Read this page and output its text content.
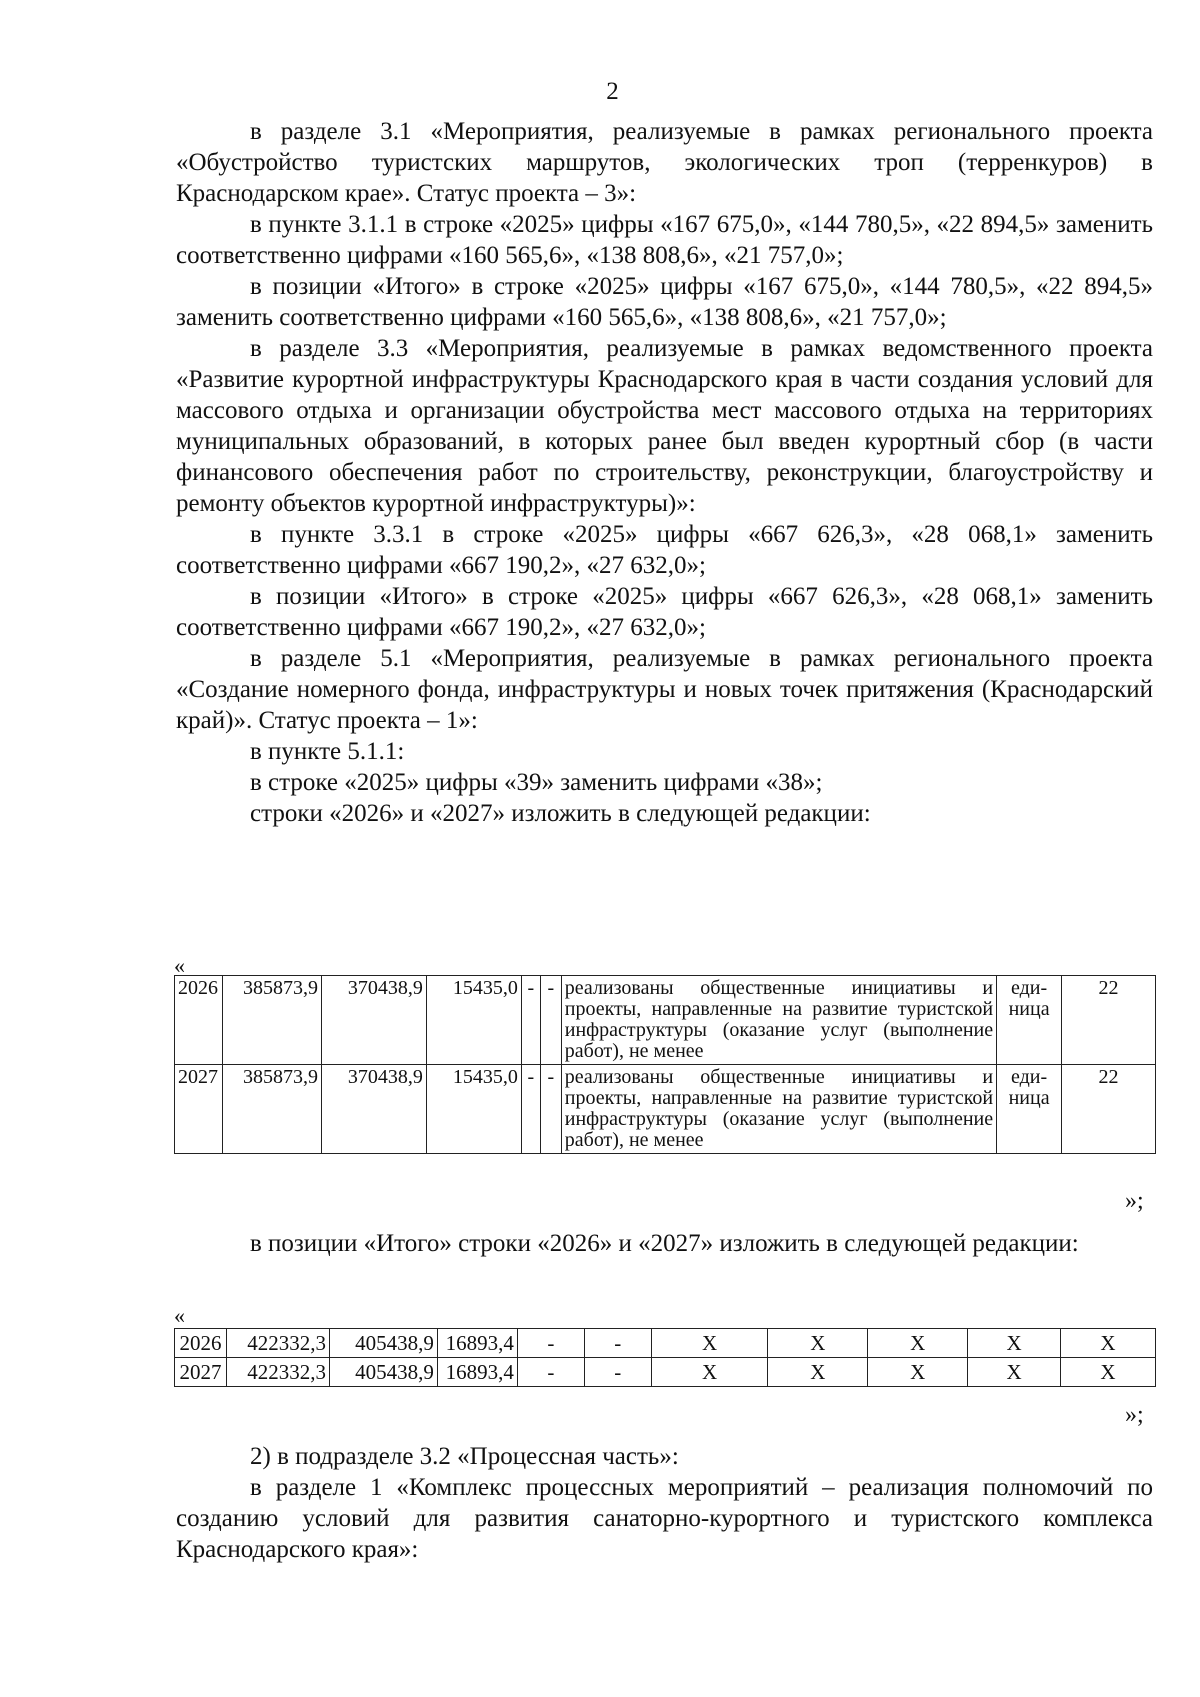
2

в разделе 3.1 «Мероприятия, реализуемые в рамках регионального проекта «Обустройство туристских маршрутов, экологических троп (терренкуров) в Краснодарском крае». Статус проекта – 3»:

в пункте 3.1.1 в строке «2025» цифры «167 675,0», «144 780,5», «22 894,5» заменить соответственно цифрами «160 565,6», «138 808,6», «21 757,0»;

в позиции «Итого» в строке «2025» цифры «167 675,0», «144 780,5», «22 894,5» заменить соответственно цифрами «160 565,6», «138 808,6», «21 757,0»;

в разделе 3.3 «Мероприятия, реализуемые в рамках ведомственного проекта «Развитие курортной инфраструктуры Краснодарского края в части создания условий для массового отдыха и организации обустройства мест массового отдыха на территориях муниципальных образований, в которых ранее был введен курортный сбор (в части финансового обеспечения работ по строительству, реконструкции, благоустройству и ремонту объектов курортной инфраструктуры)»:

в пункте 3.3.1 в строке «2025» цифры «667 626,3», «28 068,1» заменить соответственно цифрами «667 190,2», «27 632,0»;

в позиции «Итого» в строке «2025» цифры «667 626,3», «28 068,1» заменить соответственно цифрами «667 190,2», «27 632,0»;

в разделе 5.1 «Мероприятия, реализуемые в рамках регионального проекта «Создание номерного фонда, инфраструктуры и новых точек притяжения (Краснодарский край)». Статус проекта – 1»:

в пункте 5.1.1:

в строке «2025» цифры «39» заменить цифрами «38»;

строки «2026» и «2027» изложить в следующей редакции:

«
2026	385873,9	370438,9	15435,0	-	-	реализованы общественные инициативы и проекты, направленные на развитие туристской инфраструктуры (оказание услуг (выполнение работ), не менее	еди-ница	22
2027	385873,9	370438,9	15435,0	-	-	реализованы общественные инициативы и проекты, направленные на развитие туристской инфраструктуры (оказание услуг (выполнение работ), не менее	еди-ница	22
»;

в позиции «Итого» строки «2026» и «2027» изложить в следующей редакции:

«
2026	422332,3	405438,9	16893,4	-	-	Х	Х	Х	Х	Х
2027	422332,3	405438,9	16893,4	-	-	Х	Х	Х	Х	Х
»;

2) в подразделе 3.2 «Процессная часть»:

в разделе 1 «Комплекс процессных мероприятий – реализация полномочий по созданию условий для развития санаторно-курортного и туристского комплекса Краснодарского края»:
